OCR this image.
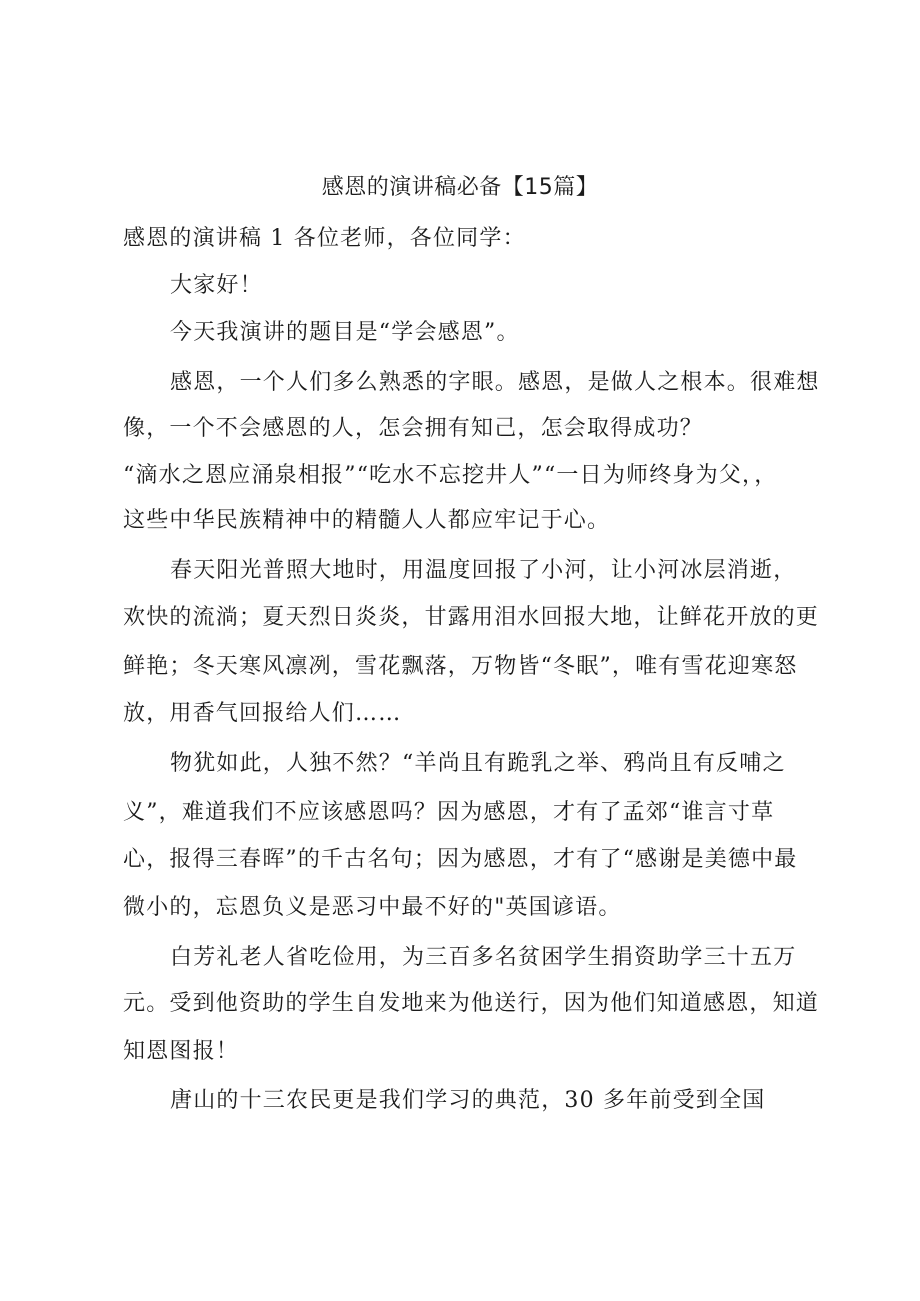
感恩的演讲稿必备【15篇】
感恩的演讲稿 1 各位老师，各位同学：
大家好！
今天我演讲的题目是“学会感恩”。
感恩，一个人们多么熟悉的字眼。感恩，是做人之根本。很难想
像，一个不会感恩的人，怎会拥有知己，怎会取得成功？
“滴水之恩应涌泉相报”“吃水不忘挖井人”“一日为师终身为父，，
这些中华民族精神中的精髓人人都应牢记于心。
春天阳光普照大地时，用温度回报了小河，让小河冰层消逝，
欢快的流淌；夏天烈日炎炎，甘露用泪水回报大地，让鲜花开放的更
鲜艳；冬天寒风凛冽，雪花飘落，万物皆“冬眠”，唯有雪花迎寒怒
放，用香气回报给人们……
物犹如此，人独不然？“羊尚且有跪乳之举、鸦尚且有反哺之
义”，难道我们不应该感恩吗？因为感恩，才有了孟郊“谁言寸草
心，报得三春晖”的千古名句；因为感恩，才有了“感谢是美德中最
微小的，忘恩负义是恶习中最不好的"英国谚语。
白芳礼老人省吃俭用，为三百多名贫困学生捐资助学三十五万
元。受到他资助的学生自发地来为他送行，因为他们知道感恩，知道
知恩图报！
唐山的十三农民更是我们学习的典范，30 多年前受到全国
